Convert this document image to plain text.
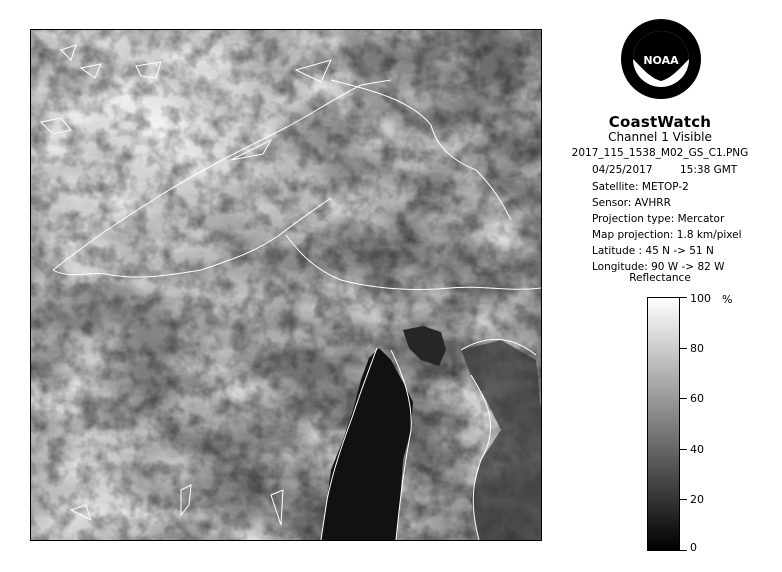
NOAA
CoastWatch
Channel 1 Visible
2017_115_1538_M02_GS_C1.PNG
04/25/2017	15:38 GMT
Satellite: METOP-2
Sensor: AVHRR
Projection type: Mercator
Map projection: 1.8 km/pixel
Latitude : 45 N -> 51 N
Longitude: 90 W -> 82 W
Reflectance
%
100
80
60
40
20
0
